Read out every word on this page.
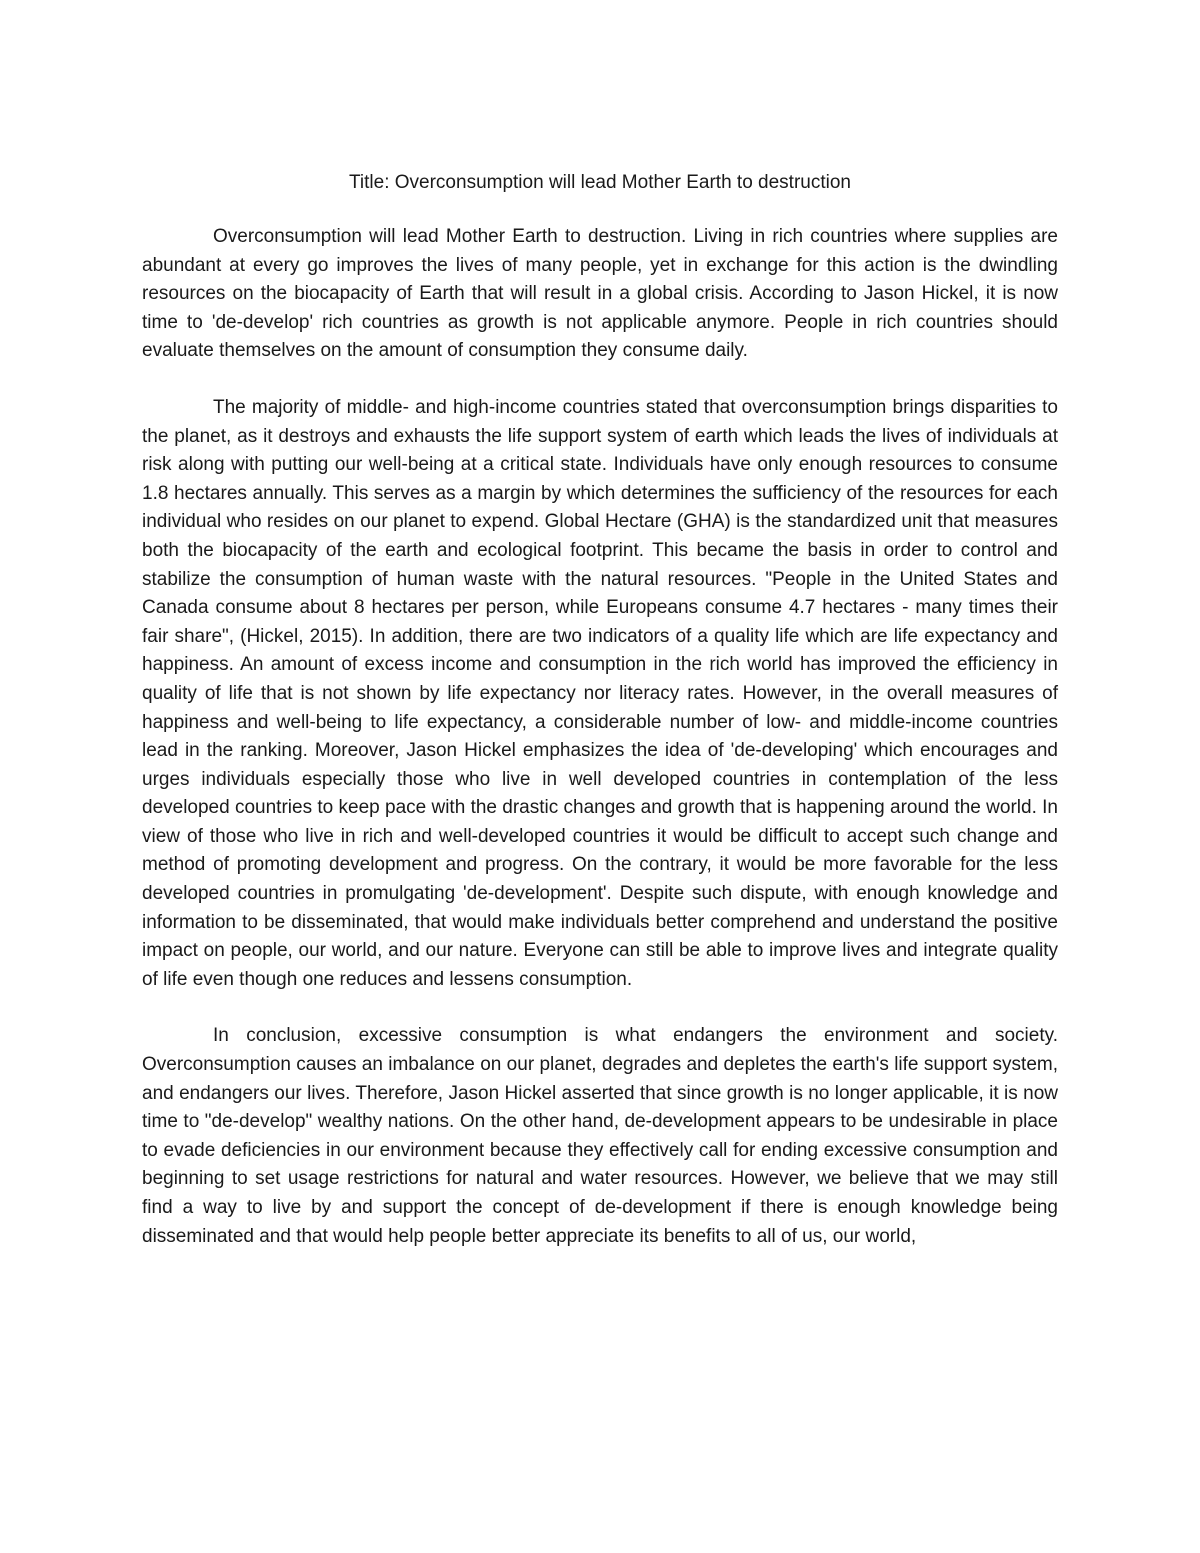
Title: Overconsumption will lead Mother Earth to destruction

Overconsumption will lead Mother Earth to destruction. Living in rich countries where supplies are abundant at every go improves the lives of many people, yet in exchange for this action is the dwindling resources on the biocapacity of Earth that will result in a global crisis. According to Jason Hickel, it is now time to 'de-develop' rich countries as growth is not applicable anymore. People in rich countries should evaluate themselves on the amount of consumption they consume daily.

The majority of middle- and high-income countries stated that overconsumption brings disparities to the planet, as it destroys and exhausts the life support system of earth which leads the lives of individuals at risk along with putting our well-being at a critical state. Individuals have only enough resources to consume 1.8 hectares annually. This serves as a margin by which determines the sufficiency of the resources for each individual who resides on our planet to expend. Global Hectare (GHA) is the standardized unit that measures both the biocapacity of the earth and ecological footprint. This became the basis in order to control and stabilize the consumption of human waste with the natural resources. "People in the United States and Canada consume about 8 hectares per person, while Europeans consume 4.7 hectares - many times their fair share", (Hickel, 2015). In addition, there are two indicators of a quality life which are life expectancy and happiness. An amount of excess income and consumption in the rich world has improved the efficiency in quality of life that is not shown by life expectancy nor literacy rates. However, in the overall measures of happiness and well-being to life expectancy, a considerable number of low- and middle-income countries lead in the ranking. Moreover, Jason Hickel emphasizes the idea of 'de-developing' which encourages and urges individuals especially those who live in well developed countries in contemplation of the less developed countries to keep pace with the drastic changes and growth that is happening around the world. In view of those who live in rich and well-developed countries it would be difficult to accept such change and method of promoting development and progress. On the contrary, it would be more favorable for the less developed countries in promulgating 'de-development'. Despite such dispute, with enough knowledge and information to be disseminated, that would make individuals better comprehend and understand the positive impact on people, our world, and our nature. Everyone can still be able to improve lives and integrate quality of life even though one reduces and lessens consumption.

In conclusion, excessive consumption is what endangers the environment and society. Overconsumption causes an imbalance on our planet, degrades and depletes the earth's life support system, and endangers our lives. Therefore, Jason Hickel asserted that since growth is no longer applicable, it is now time to "de-develop" wealthy nations. On the other hand, de-development appears to be undesirable in place to evade deficiencies in our environment because they effectively call for ending excessive consumption and beginning to set usage restrictions for natural and water resources. However, we believe that we may still find a way to live by and support the concept of de-development if there is enough knowledge being disseminated and that would help people better appreciate its benefits to all of us, our world,
